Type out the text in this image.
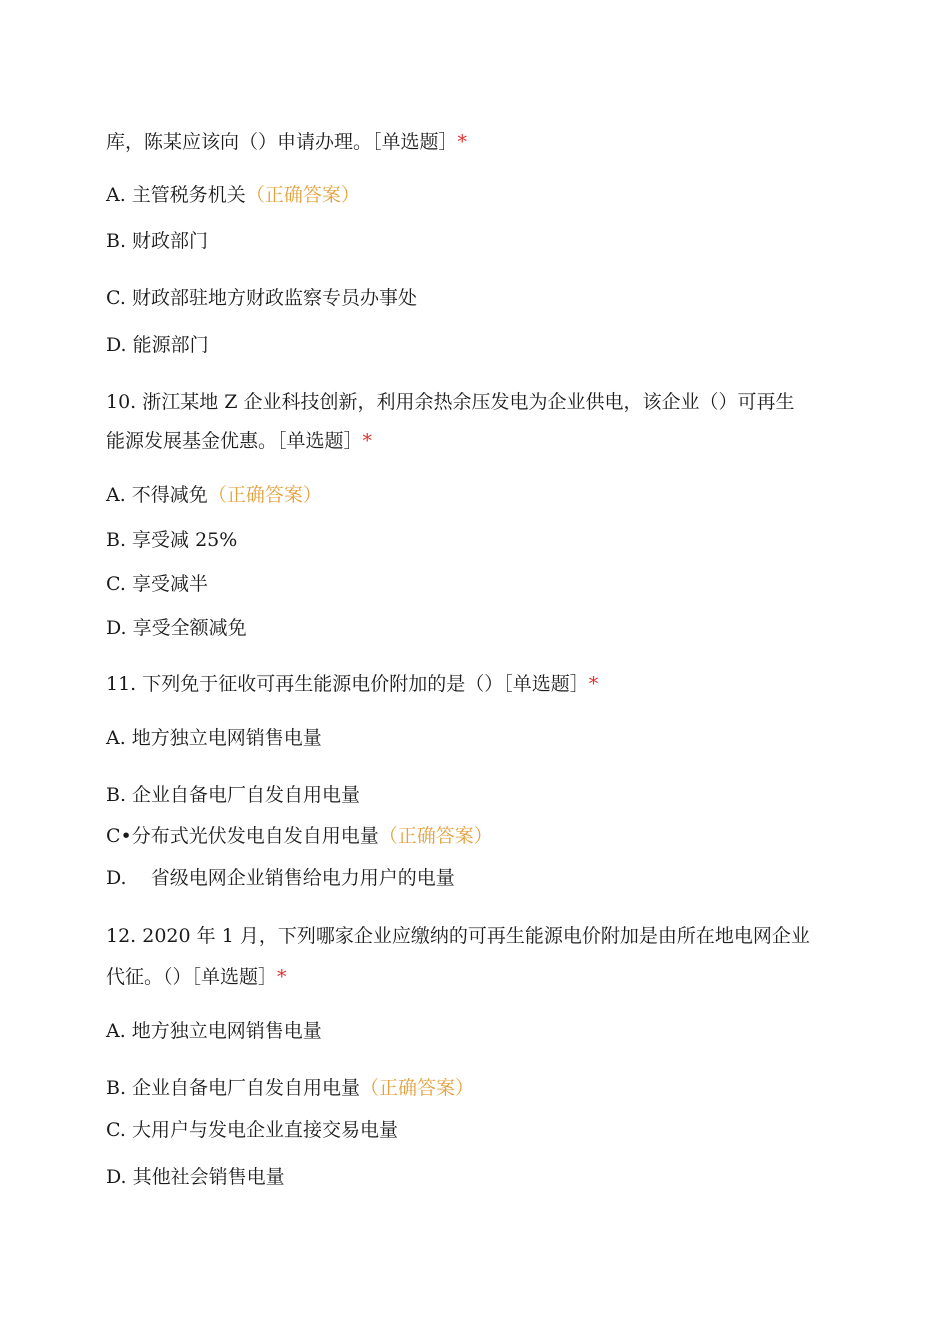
库，陈某应该向（）申请办理。［单选题］*
A. 主管税务机关（正确答案）
B. 财政部门
C. 财政部驻地方财政监察专员办事处
D. 能源部门
10. 浙江某地 Z 企业科技创新，利用余热余压发电为企业供电，该企业（）可再生
能源发展基金优惠。［单选题］*
A. 不得减免（正确答案）
B. 享受减 25%
C. 享受减半
D. 享受全额减免
11. 下列免于征收可再生能源电价附加的是（）［单选题］*
A. 地方独立电网销售电量
B. 企业自备电厂自发自用电量
C•分布式光伏发电自发自用电量（正确答案）
D.    省级电网企业销售给电力用户的电量
12. 2020 年 1 月，下列哪家企业应缴纳的可再生能源电价附加是由所在地电网企业
代征。（）［单选题］*
A. 地方独立电网销售电量
B. 企业自备电厂自发自用电量（正确答案）
C. 大用户与发电企业直接交易电量
D. 其他社会销售电量
